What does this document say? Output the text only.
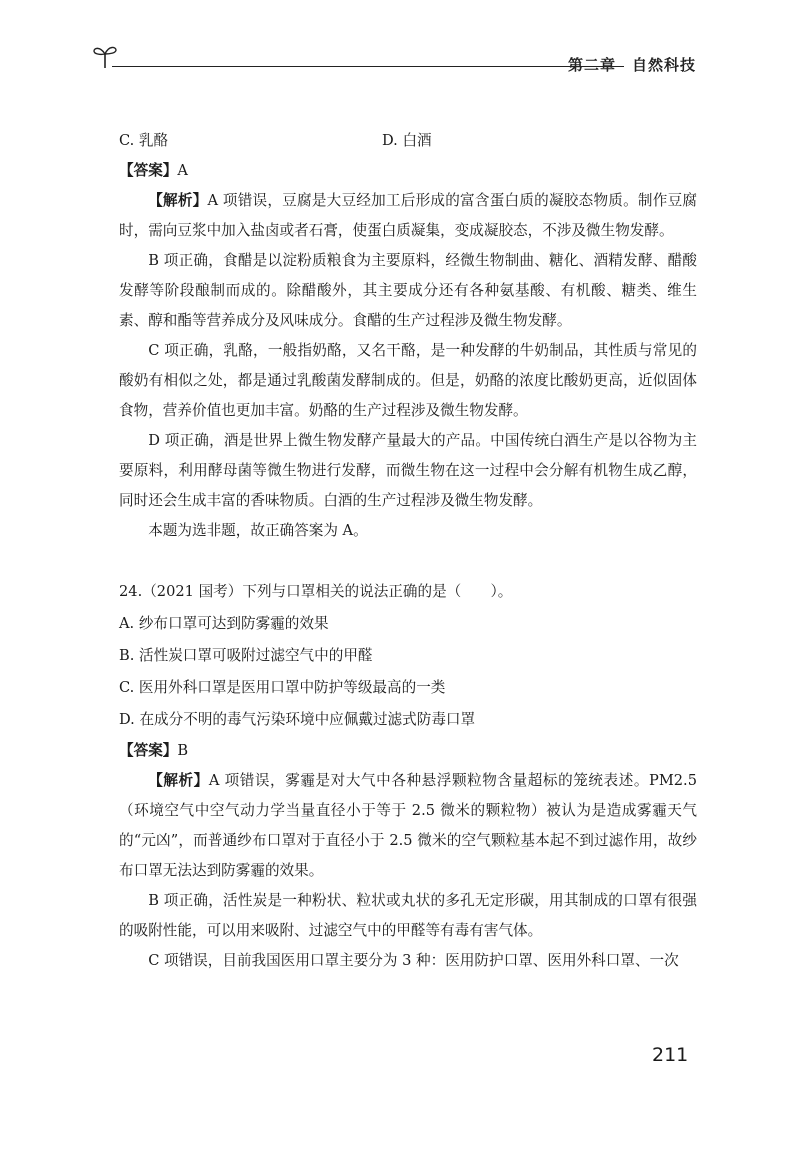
第二章　自然科技
C. 乳酪	D. 白酒

【答案】A

【解析】A 项错误，豆腐是大豆经加工后形成的富含蛋白质的凝胶态物质。制作豆腐时，需向豆浆中加入盐卤或者石膏，使蛋白质凝集，变成凝胶态，不涉及微生物发酵。

B 项正确，食醋是以淀粉质粮食为主要原料，经微生物制曲、糖化、酒精发酵、醋酸发酵等阶段酿制而成的。除醋酸外，其主要成分还有各种氨基酸、有机酸、糖类、维生素、醇和酯等营养成分及风味成分。食醋的生产过程涉及微生物发酵。

C 项正确，乳酪，一般指奶酪，又名干酪，是一种发酵的牛奶制品，其性质与常见的酸奶有相似之处，都是通过乳酸菌发酵制成的。但是，奶酪的浓度比酸奶更高，近似固体食物，营养价值也更加丰富。奶酪的生产过程涉及微生物发酵。

D 项正确，酒是世界上微生物发酵产量最大的产品。中国传统白酒生产是以谷物为主要原料，利用酵母菌等微生物进行发酵，而微生物在这一过程中会分解有机物生成乙醇，同时还会生成丰富的香味物质。白酒的生产过程涉及微生物发酵。

本题为选非题，故正确答案为 A。

24.（2021 国考）下列与口罩相关的说法正确的是（　　）。
A. 纱布口罩可达到防雾霾的效果
B. 活性炭口罩可吸附过滤空气中的甲醛
C. 医用外科口罩是医用口罩中防护等级最高的一类
D. 在成分不明的毒气污染环境中应佩戴过滤式防毒口罩

【答案】B

【解析】A 项错误，雾霾是对大气中各种悬浮颗粒物含量超标的笼统表述。PM2.5（环境空气中空气动力学当量直径小于等于 2.5 微米的颗粒物）被认为是造成雾霾天气的“元凶”，而普通纱布口罩对于直径小于 2.5 微米的空气颗粒基本起不到过滤作用，故纱布口罩无法达到防雾霾的效果。

B 项正确，活性炭是一种粉状、粒状或丸状的多孔无定形碳，用其制成的口罩有很强的吸附性能，可以用来吸附、过滤空气中的甲醛等有毒有害气体。

C 项错误，目前我国医用口罩主要分为 3 种：医用防护口罩、医用外科口罩、一次

211
